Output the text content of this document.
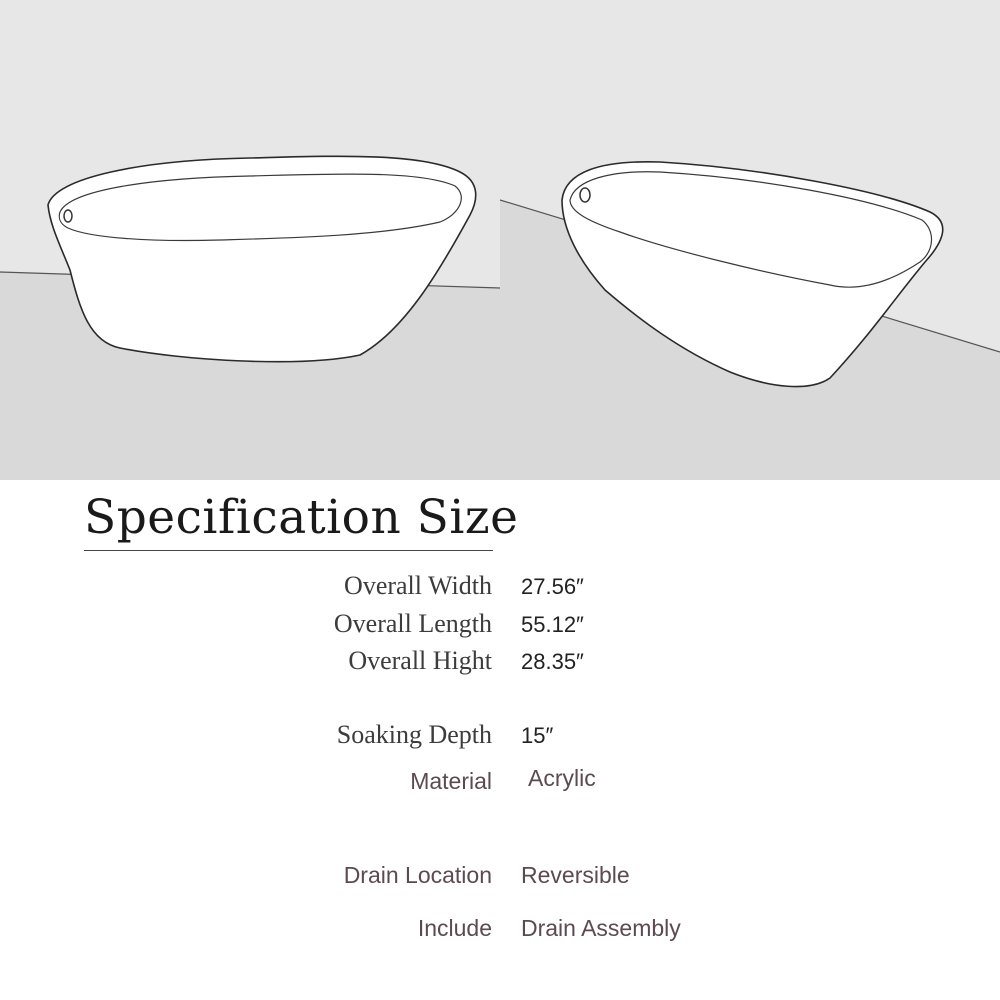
Specification Size
Overall Width 27.56″
Overall Length 55.12″
Overall Hight 28.35″
Soaking Depth 15″
Material Acrylic
Drain Location Reversible
Include Drain Assembly
